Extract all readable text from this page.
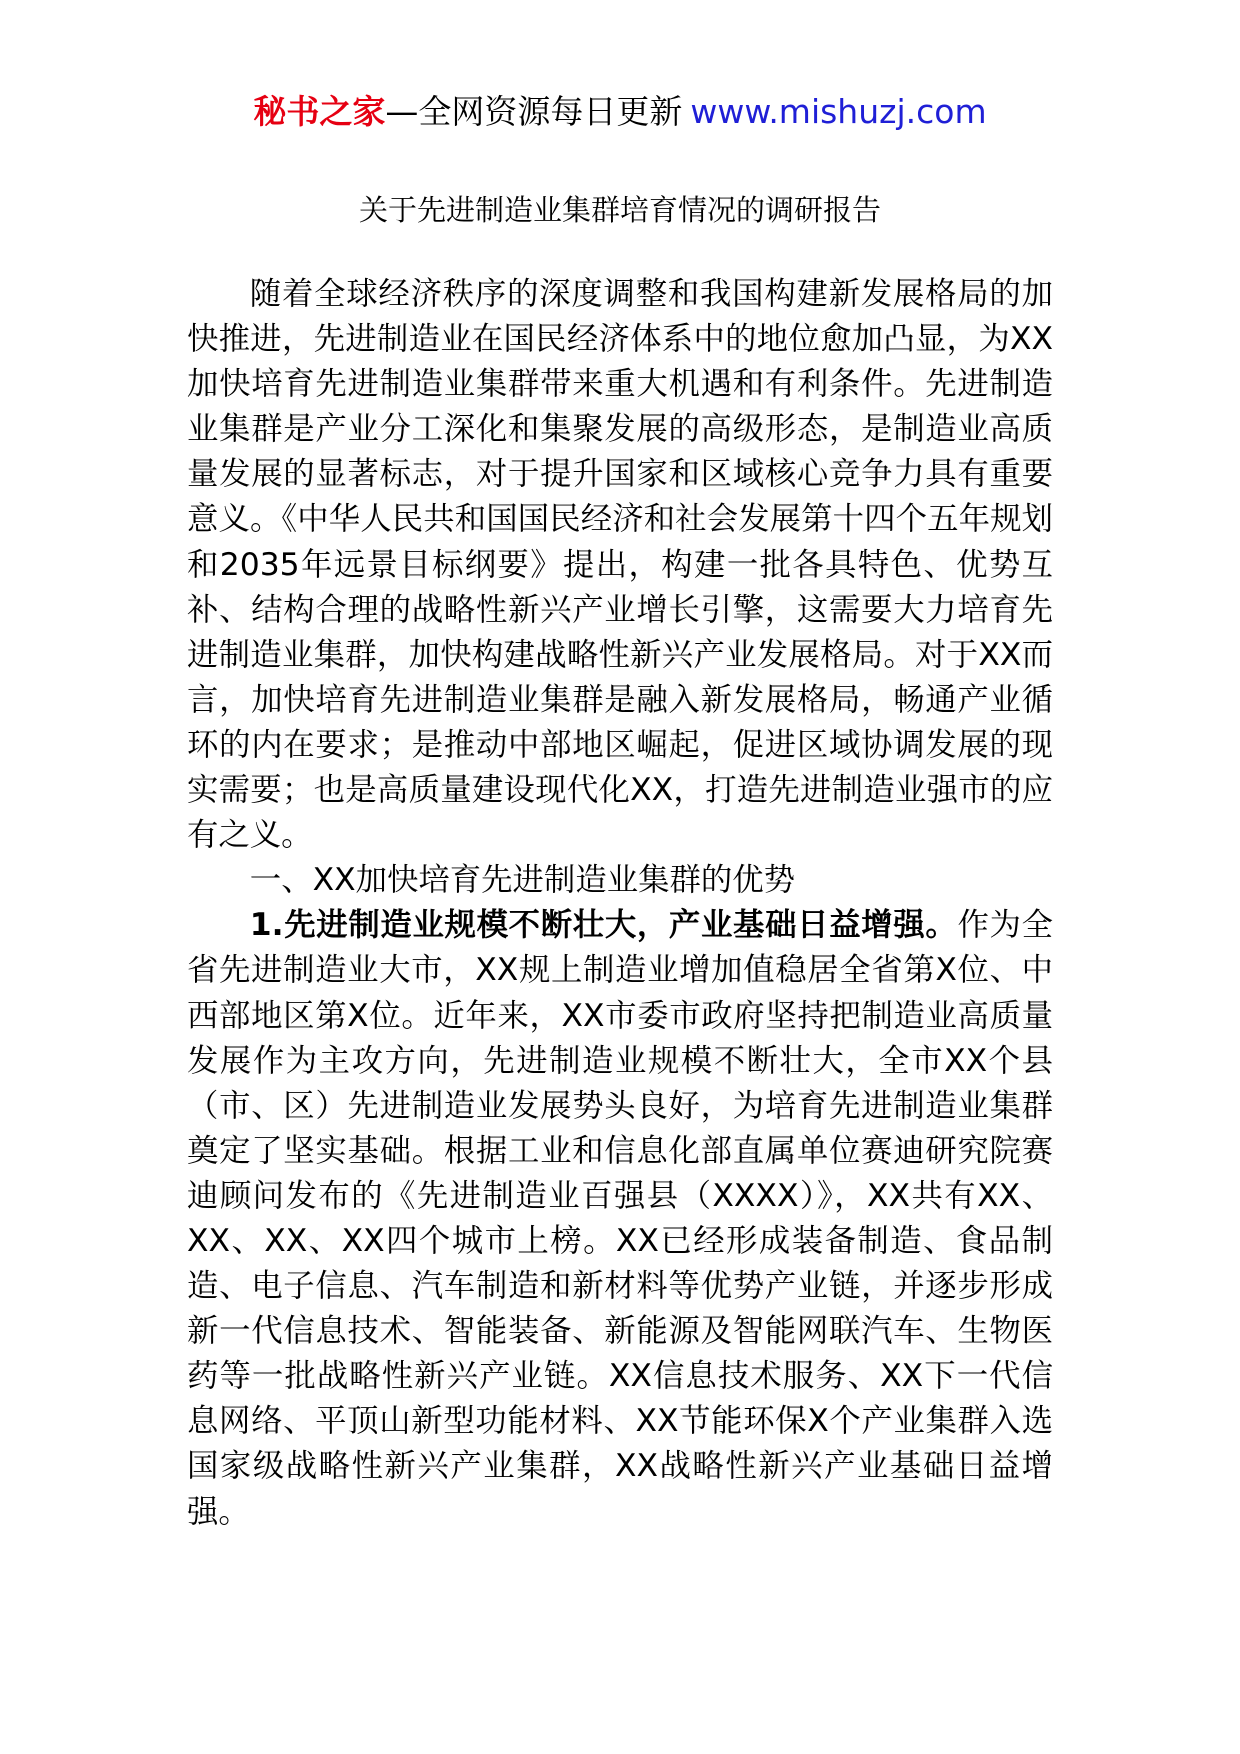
秘书之家—全网资源每日更新 www.mishuzj.com
关于先进制造业集群培育情况的调研报告

随着全球经济秩序的深度调整和我国构建新发展格局的加快推进，先进制造业在国民经济体系中的地位愈加凸显，为XX加快培育先进制造业集群带来重大机遇和有利条件。先进制造业集群是产业分工深化和集聚发展的高级形态，是制造业高质量发展的显著标志，对于提升国家和区域核心竞争力具有重要意义。《中华人民共和国国民经济和社会发展第十四个五年规划和2035年远景目标纲要》提出，构建一批各具特色、优势互补、结构合理的战略性新兴产业增长引擎，这需要大力培育先进制造业集群，加快构建战略性新兴产业发展格局。对于XX而言，加快培育先进制造业集群是融入新发展格局，畅通产业循环的内在要求；是推动中部地区崛起，促进区域协调发展的现实需要；也是高质量建设现代化XX，打造先进制造业强市的应有之义。

一、XX加快培育先进制造业集群的优势

1.先进制造业规模不断壮大，产业基础日益增强。作为全省先进制造业大市，XX规上制造业增加值稳居全省第X位、中西部地区第X位。近年来，XX市委市政府坚持把制造业高质量发展作为主攻方向，先进制造业规模不断壮大，全市XX个县（市、区）先进制造业发展势头良好，为培育先进制造业集群奠定了坚实基础。根据工业和信息化部直属单位赛迪研究院赛迪顾问发布的《先进制造业百强县（XXXX）》，XX共有XX、XX、XX、XX四个城市上榜。XX已经形成装备制造、食品制造、电子信息、汽车制造和新材料等优势产业链，并逐步形成新一代信息技术、智能装备、新能源及智能网联汽车、生物医药等一批战略性新兴产业链。XX信息技术服务、XX下一代信息网络、平顶山新型功能材料、XX节能环保X个产业集群入选国家级战略性新兴产业集群，XX战略性新兴产业基础日益增强。
